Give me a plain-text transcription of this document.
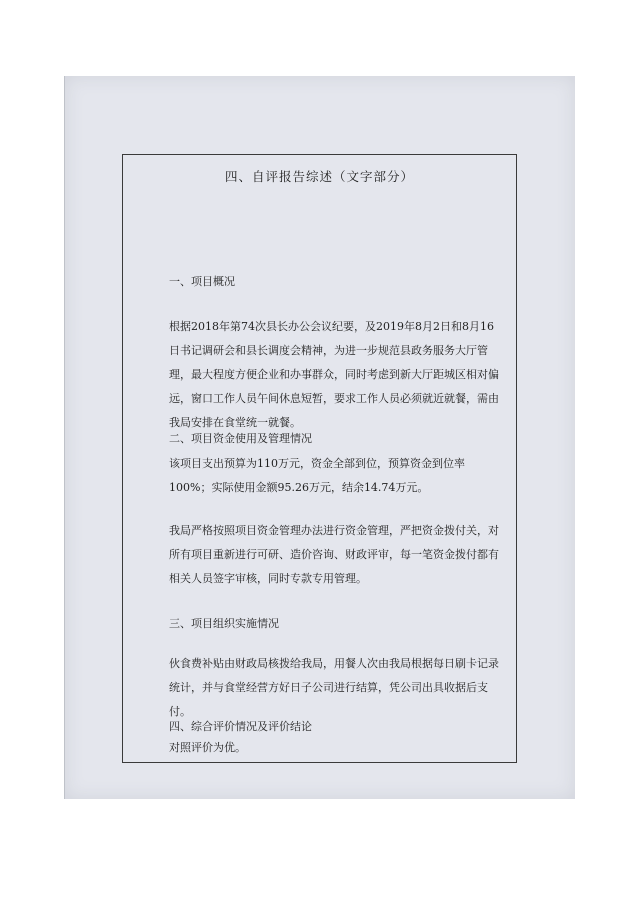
四、自评报告综述（文字部分）

一、项目概况

根据2018年第74次县长办公会议纪要，及2019年8月2日和8月16日书记调研会和县长调度会精神，为进一步规范县政务服务大厅管理，最大程度方便企业和办事群众，同时考虑到新大厅距城区相对偏远，窗口工作人员午间休息短暂，要求工作人员必须就近就餐，需由我局安排在食堂统一就餐。

二、项目资金使用及管理情况

该项目支出预算为110万元，资金全部到位，预算资金到位率100%；实际使用金额95.26万元，结余14.74万元。

我局严格按照项目资金管理办法进行资金管理，严把资金拨付关，对所有项目重新进行可研、造价咨询、财政评审，每一笔资金拨付都有相关人员签字审核，同时专款专用管理。

三、项目组织实施情况

伙食费补贴由财政局核拨给我局，用餐人次由我局根据每日刷卡记录统计，并与食堂经营方好日子公司进行结算，凭公司出具收据后支付。

四、综合评价情况及评价结论

对照评价为优。
